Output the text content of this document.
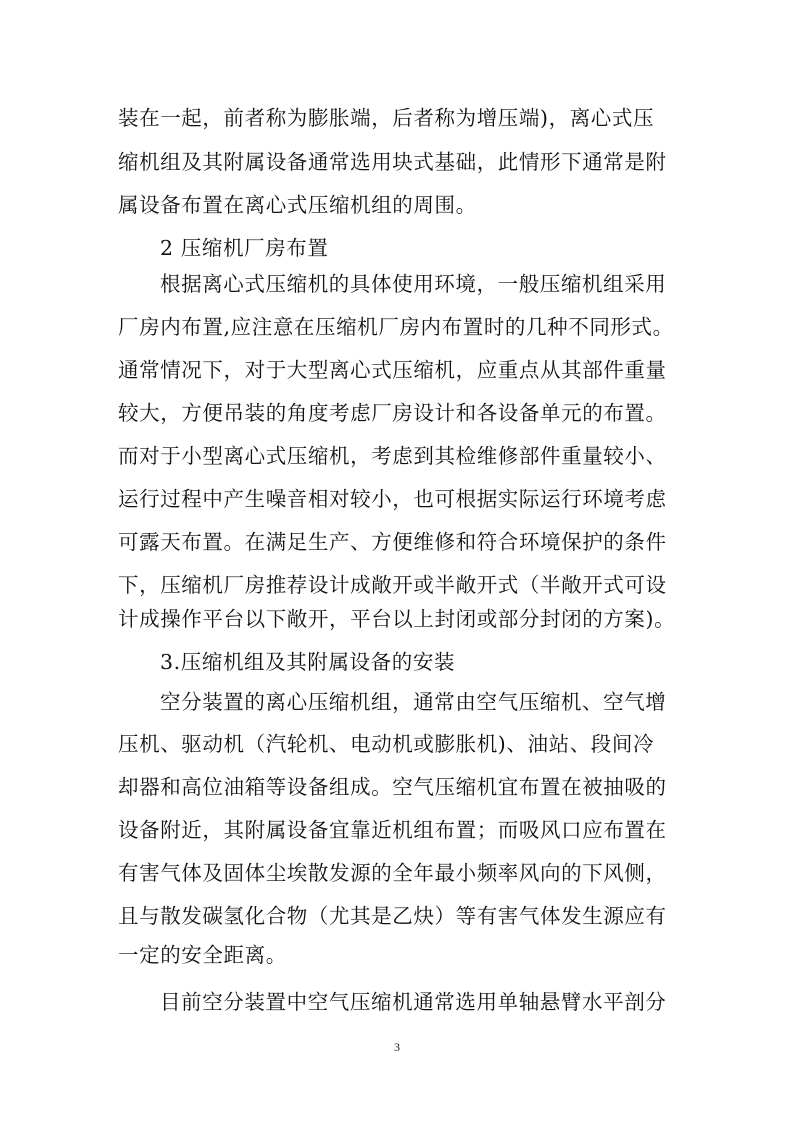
装在一起，前者称为膨胀端，后者称为增压端)，离心式压
缩机组及其附属设备通常选用块式基础，此情形下通常是附
属设备布置在离心式压缩机组的周围。
2 压缩机厂房布置
根据离心式压缩机的具体使用环境，一般压缩机组采用
厂房内布置,应注意在压缩机厂房内布置时的几种不同形式。
通常情况下，对于大型离心式压缩机，应重点从其部件重量
较大，方便吊装的角度考虑厂房设计和各设备单元的布置。
而对于小型离心式压缩机，考虑到其检维修部件重量较小、
运行过程中产生噪音相对较小，也可根据实际运行环境考虑
可露天布置。在满足生产、方便维修和符合环境保护的条件
下，压缩机厂房推荐设计成敞开或半敞开式（半敞开式可设
计成操作平台以下敞开，平台以上封闭或部分封闭的方案)。
3.压缩机组及其附属设备的安装
空分装置的离心压缩机组，通常由空气压缩机、空气增
压机、驱动机（汽轮机、电动机或膨胀机)、油站、段间冷
却器和高位油箱等设备组成。空气压缩机宜布置在被抽吸的
设备附近，其附属设备宜靠近机组布置；而吸风口应布置在
有害气体及固体尘埃散发源的全年最小频率风向的下风侧，
且与散发碳氢化合物（尤其是乙炔）等有害气体发生源应有
一定的安全距离。
目前空分装置中空气压缩机通常选用单轴悬臂水平剖分
3
